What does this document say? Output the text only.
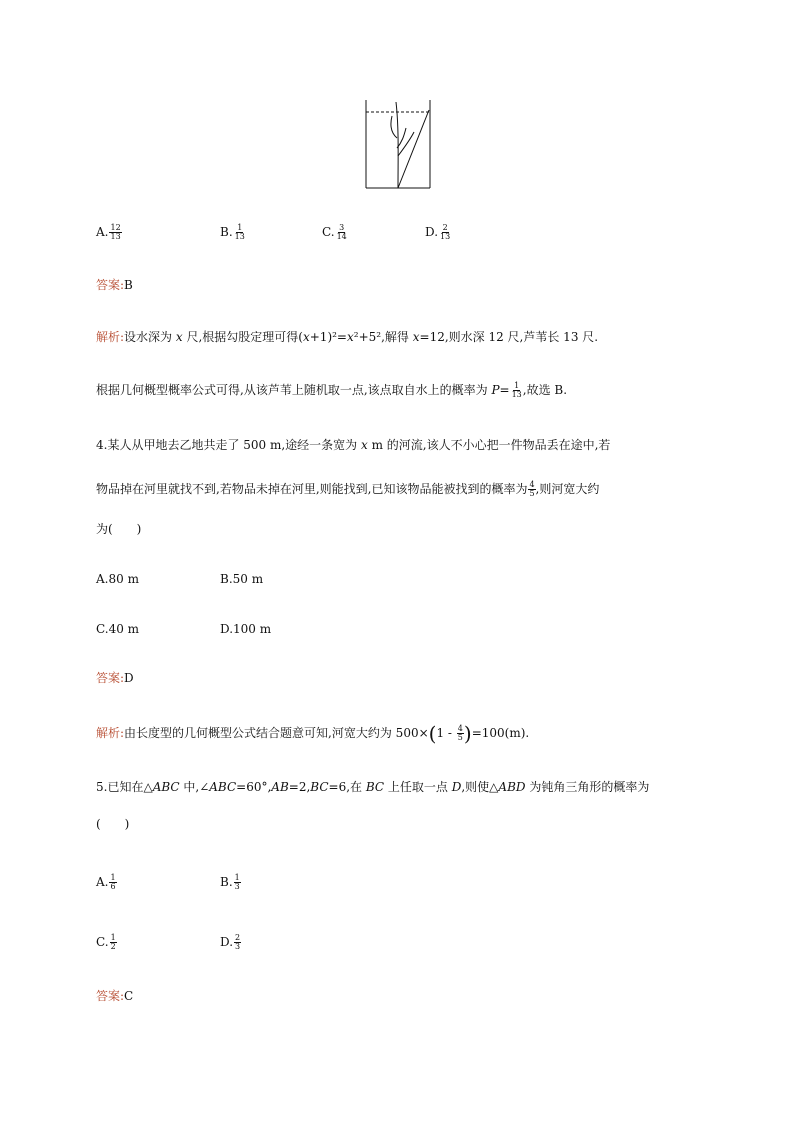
A. $\frac{12}{13}$	B. $\frac{1}{13}$	C. $\frac{3}{14}$	D. $\frac{2}{13}$
答案:B
解析:设水深为 x 尺,根据勾股定理可得(x+1)²=x²+5²,解得 x=12,则水深 12 尺,芦苇长 13 尺.
根据几何概型概率公式可得,从该芦苇上随机取一点,该点取自水上的概率为 $P= \frac{1}{13}$ ,故选 B.
4.某人从甲地去乙地共走了 500 m,途经一条宽为 x m 的河流,该人不小心把一件物品丢在途中,若
物品掉在河里就找不到,若物品未掉在河里,则能找到,已知该物品能被找到的概率为 $\frac{4}{5}$ ,则河宽大约
为(　　)
A.80 m	B.50 m
C.40 m	D.100 m
答案:D
解析:由长度型的几何概型公式结合题意可知,河宽大约为 $500\times(1 - \frac{4}{5} )=100(m)$.
5.已知在△ABC 中,∠ABC=60°,AB=2,BC=6,在 BC 上任取一点 D,则使△ABD 为钝角三角形的概率为
(　　)
A. $\frac{1}{6}$	B. $\frac{1}{3}$
C. $\frac{1}{2}$	D. $\frac{2}{3}$
答案:C
